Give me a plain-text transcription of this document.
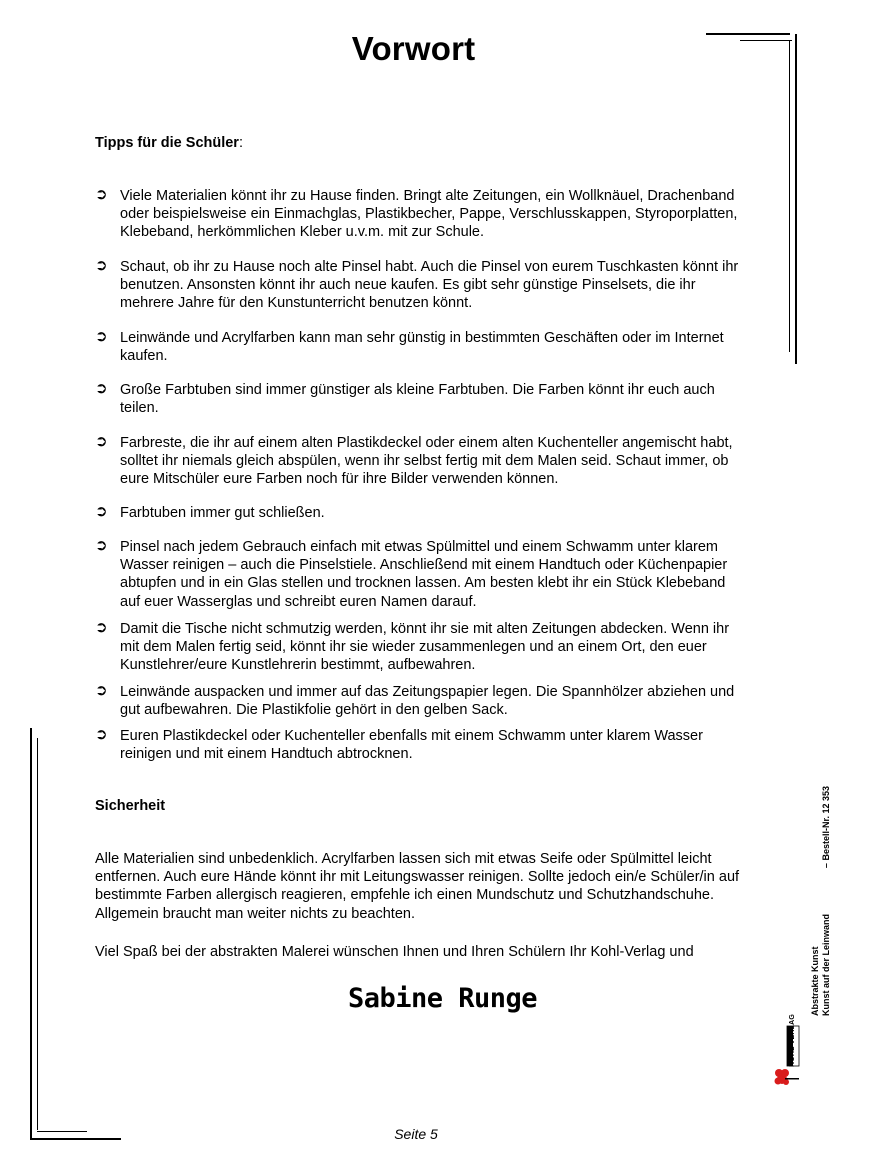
Vorwort
Tipps für die Schüler:
➲ Viele Materialien könnt ihr zu Hause finden. Bringt alte Zeitungen, ein Wollknäuel, Drachenband oder beispielsweise ein Einmachglas, Plastikbecher, Pappe, Verschlusskappen, Styroporplatten, Klebeband, herkömmlichen Kleber u.v.m. mit zur Schule.
➲ Schaut, ob ihr zu Hause noch alte Pinsel habt. Auch die Pinsel von eurem Tuschkasten könnt ihr benutzen. Ansonsten könnt ihr auch neue kaufen. Es gibt sehr günstige Pinselsets, die ihr mehrere Jahre für den Kunstunterricht benutzen könnt.
➲ Leinwände und Acrylfarben kann man sehr günstig in bestimmten Geschäften oder im Internet kaufen.
➲ Große Farbtuben sind immer günstiger als kleine Farbtuben. Die Farben könnt ihr euch auch teilen.
➲ Farbreste, die ihr auf einem alten Plastikdeckel oder einem alten Kuchenteller angemischt habt, solltet ihr niemals gleich abspülen, wenn ihr selbst fertig mit dem Malen seid. Schaut immer, ob eure Mitschüler eure Farben noch für ihre Bilder verwenden können.
➲ Farbtuben immer gut schließen.
➲ Pinsel nach jedem Gebrauch einfach mit etwas Spülmittel und einem Schwamm unter klarem Wasser reinigen – auch die Pinselstiele. Anschließend mit einem Handtuch oder Küchenpapier abtupfen und in ein Glas stellen und trocknen lassen. Am besten klebt ihr ein Stück Klebeband auf euer Wasserglas und schreibt euren Namen darauf.
➲ Damit die Tische nicht schmutzig werden, könnt ihr sie mit alten Zeitungen abdecken. Wenn ihr mit dem Malen fertig seid, könnt ihr sie wieder zusammenlegen und an einem Ort, den euer Kunstlehrer/eure Kunstlehrerin bestimmt, aufbewahren.
➲ Leinwände auspacken und immer auf das Zeitungspapier legen. Die Spannhölzer abziehen und gut aufbewahren. Die Plastikfolie gehört in den gelben Sack.
➲ Euren Plastikdeckel oder Kuchenteller ebenfalls mit einem Schwamm unter klarem Wasser reinigen und mit einem Handtuch abtrocknen.
Sicherheit
Alle Materialien sind unbedenklich. Acrylfarben lassen sich mit etwas Seife oder Spülmittel leicht entfernen. Auch eure Hände könnt ihr mit Leitungswasser reinigen. Sollte jedoch ein/e Schüler/in auf bestimmte Farben allergisch reagieren, empfehle ich einen Mundschutz und Schutzhandschuhe. Allgemein braucht man weiter nichts zu beachten.
Viel Spaß bei der abstrakten Malerei wünschen Ihnen und Ihren Schülern Ihr Kohl-Verlag und
Sabine Runge	Abstrakte Kunst Kunst auf der Leinwand
– Bestell-Nr. 12 353
KOHL VERLAG
Seite 5
